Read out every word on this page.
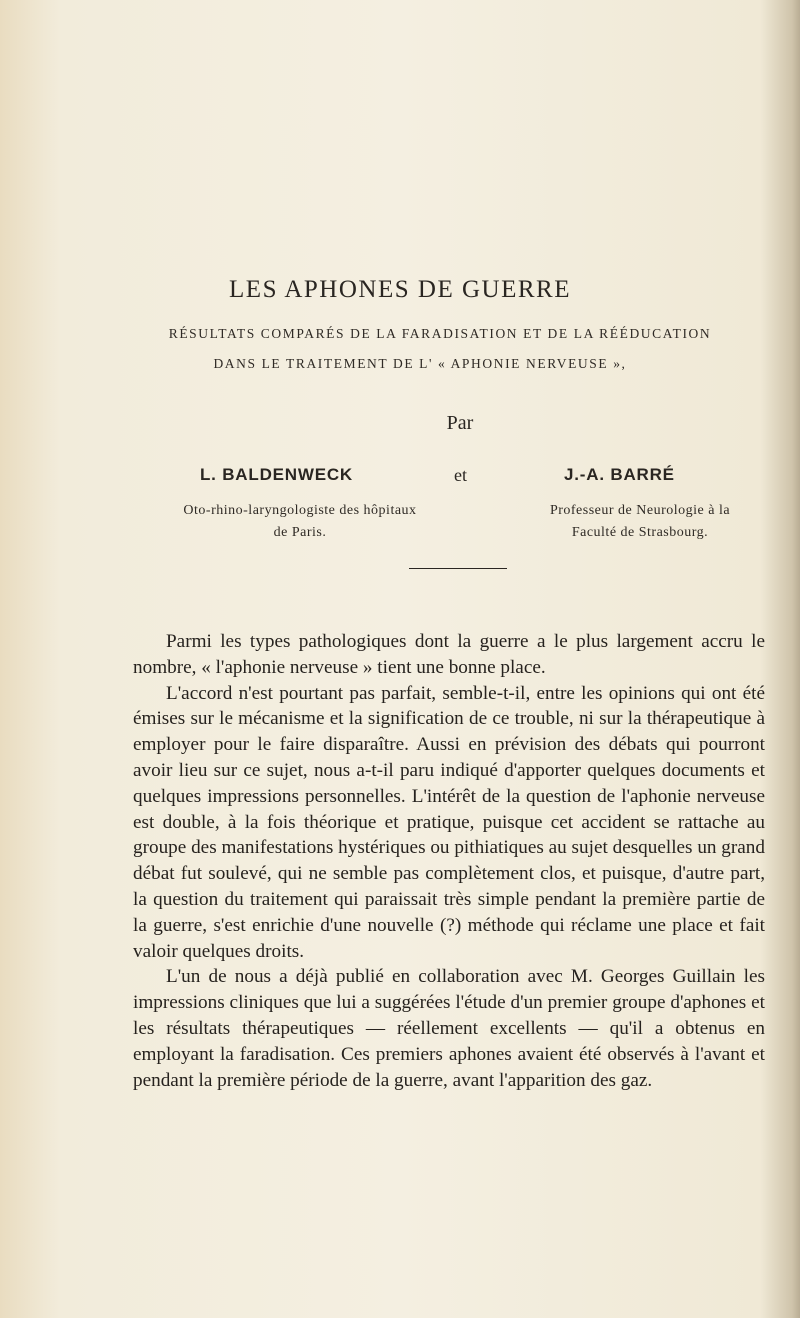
LES APHONES DE GUERRE
RÉSULTATS COMPARÉS DE LA FARADISATION ET DE LA RÉÉDUCATION
DANS LE TRAITEMENT DE L' « APHONIE NERVEUSE »,
Par
L. BALDENWECK	et	J.-A. BARRÉ
Oto-rhino-laryngologiste des hôpitaux
de Paris.
Professeur de Neurologie à la
Faculté de Strasbourg.

Parmi les types pathologiques dont la guerre a le plus largement accru le nombre, « l'aphonie nerveuse » tient une bonne place.

L'accord n'est pourtant pas parfait, semble-t-il, entre les opinions qui ont été émises sur le mécanisme et la signification de ce trouble, ni sur la thérapeutique à employer pour le faire disparaître. Aussi en prévision des débats qui pourront avoir lieu sur ce sujet, nous a-t-il paru indiqué d'apporter quelques documents et quelques impressions personnelles. L'intérêt de la question de l'aphonie nerveuse est double, à la fois théorique et pratique, puisque cet accident se rattache au groupe des manifestations hystériques ou pithiatiques au sujet desquelles un grand débat fut soulevé, qui ne semble pas complètement clos, et puisque, d'autre part, la question du traitement qui paraissait très simple pendant la première partie de la guerre, s'est enrichie d'une nouvelle (?) méthode qui réclame une place et fait valoir quelques droits.

L'un de nous a déjà publié en collaboration avec M. Georges Guillain les impressions cliniques que lui a suggérées l'étude d'un premier groupe d'aphones et les résultats thérapeutiques — réellement excellents — qu'il a obtenus en employant la faradisation. Ces premiers aphones avaient été observés à l'avant et pendant la première période de la guerre, avant l'apparition des gaz.
